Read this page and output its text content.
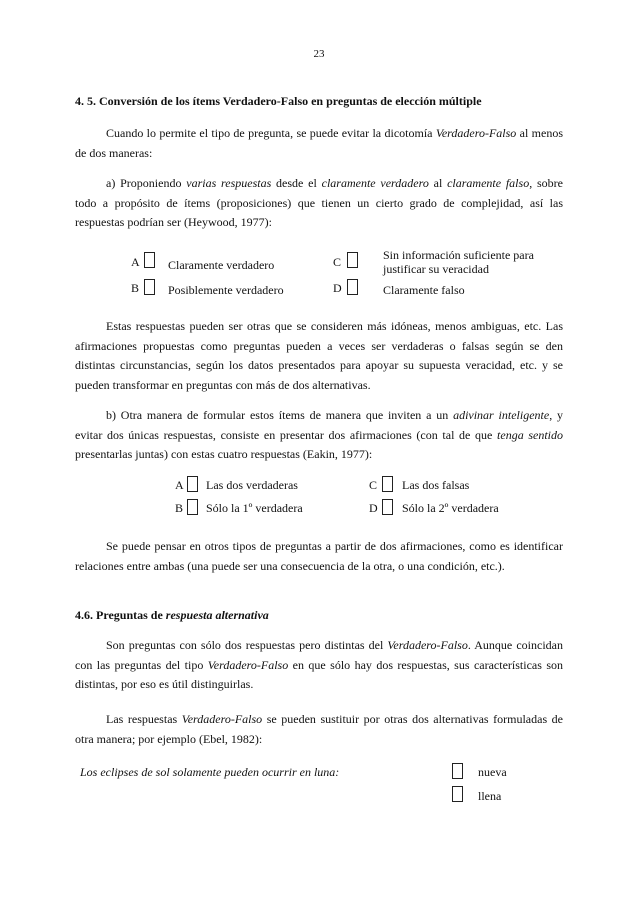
23
4. 5. Conversión de los ítems Verdadero-Falso en preguntas de elección múltiple
Cuando lo permite el tipo de pregunta, se puede evitar la dicotomía Verdadero-Falso al menos de dos maneras:
a) Proponiendo varias respuestas desde el claramente verdadero al claramente falso, sobre todo a propósito de ítems (proposiciones) que tienen un cierto grado de complejidad, así las respuestas podrían ser (Heywood, 1977):
A Claramente verdadero
B Posiblemente verdadero
C	Sin información suficiente para justificar su veracidad
D	Claramente falso
Estas respuestas pueden ser otras que se consideren más idóneas, menos ambiguas, etc. Las afirmaciones propuestas como preguntas pueden a veces ser verdaderas o falsas según se den distintas circunstancias, según los datos presentados para apoyar su supuesta veracidad, etc. y se pueden transformar en preguntas con más de dos alternativas.
b) Otra manera de formular estos ítems de manera que inviten a un adivinar inteligente, y evitar dos únicas respuestas, consiste en presentar dos afirmaciones (con tal de que tenga sentido presentarlas juntas) con estas cuatro respuestas (Eakin, 1977):
A Las dos verdaderas
B Sólo la 1º verdadera
C Las dos falsas
D Sólo la 2º verdadera
Se puede pensar en otros tipos de preguntas a partir de dos afirmaciones, como es identificar relaciones entre ambas (una puede ser una consecuencia de la otra, o una condición, etc.).
4.6. Preguntas de respuesta alternativa
Son preguntas con sólo dos respuestas pero distintas del Verdadero-Falso. Aunque coincidan con las preguntas del tipo Verdadero-Falso en que sólo hay dos respuestas, sus características son distintas, por eso es útil distinguirlas.
Las respuestas Verdadero-Falso se pueden sustituir por otras dos alternativas formuladas de otra manera; por ejemplo (Ebel, 1982):
Los eclipses de sol solamente pueden ocurrir en luna:	nueva
llena
